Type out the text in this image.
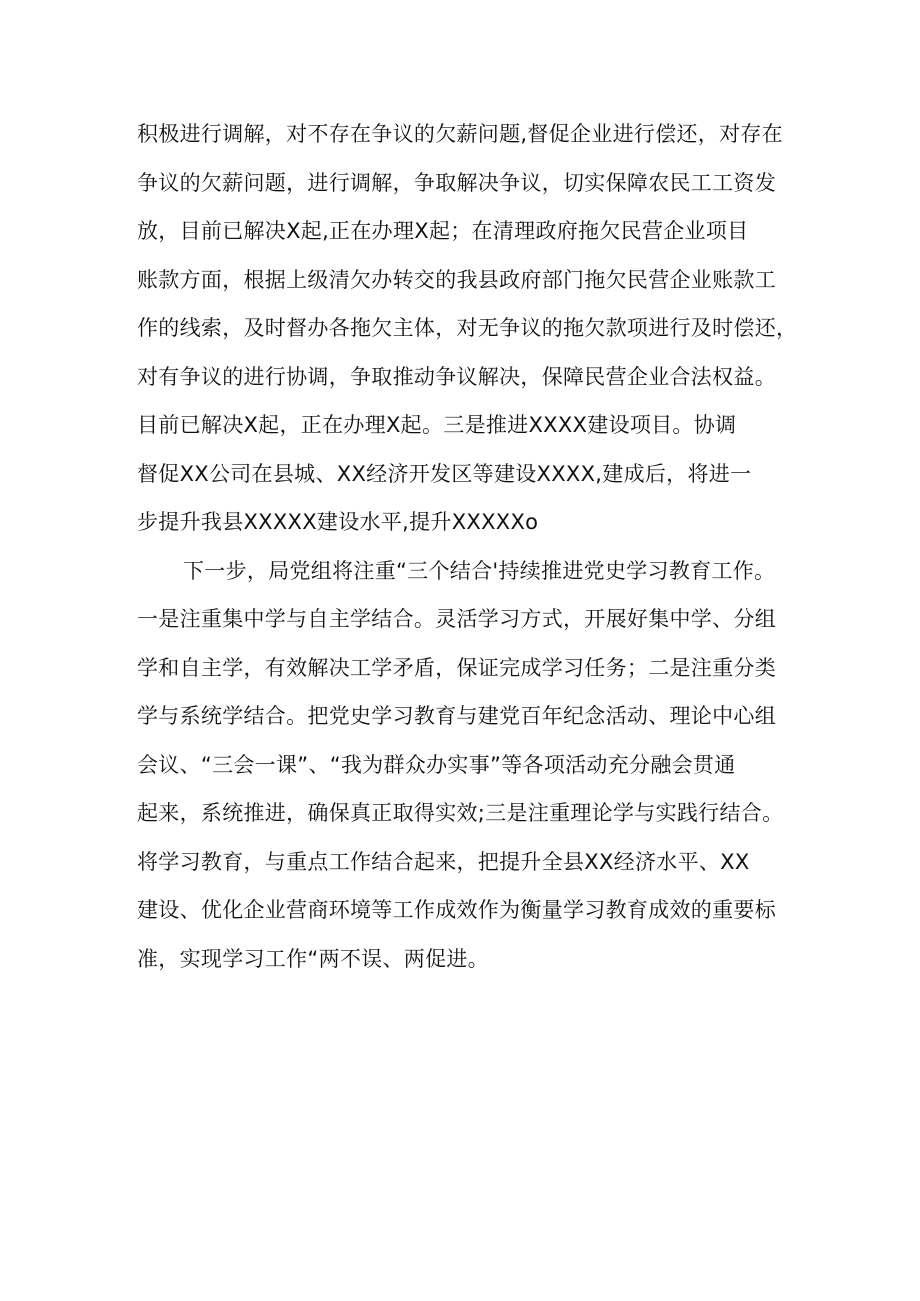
积极进行调解，对不存在争议的欠薪问题,督促企业进行偿还，对存在
争议的欠薪问题，进行调解，争取解决争议，切实保障农民工工资发
放，目前已解决X起,正在办理X起；在清理政府拖欠民营企业项目
账款方面，根据上级清欠办转交的我县政府部门拖欠民营企业账款工
作的线索，及时督办各拖欠主体，对无争议的拖欠款项进行及时偿还，
对有争议的进行协调，争取推动争议解决，保障民营企业合法权益。
目前已解决X起，正在办理X起。三是推进XXXX建设项目。协调
督促XX公司在县城、XX经济开发区等建设XXXX,建成后，将进一
步提升我县XXXXX建设水平,提升XXXXXo
下一步，局党组将注重“三个结合'持续推进党史学习教育工作。
一是注重集中学与自主学结合。灵活学习方式，开展好集中学、分组
学和自主学，有效解决工学矛盾，保证完成学习任务；二是注重分类
学与系统学结合。把党史学习教育与建党百年纪念活动、理论中心组
会议、“三会一课”、“我为群众办实事”等各项活动充分融会贯通
起来，系统推进，确保真正取得实效;三是注重理论学与实践行结合。
将学习教育，与重点工作结合起来，把提升全县XX经济水平、XX
建设、优化企业营商环境等工作成效作为衡量学习教育成效的重要标
准，实现学习工作“两不误、两促进。
